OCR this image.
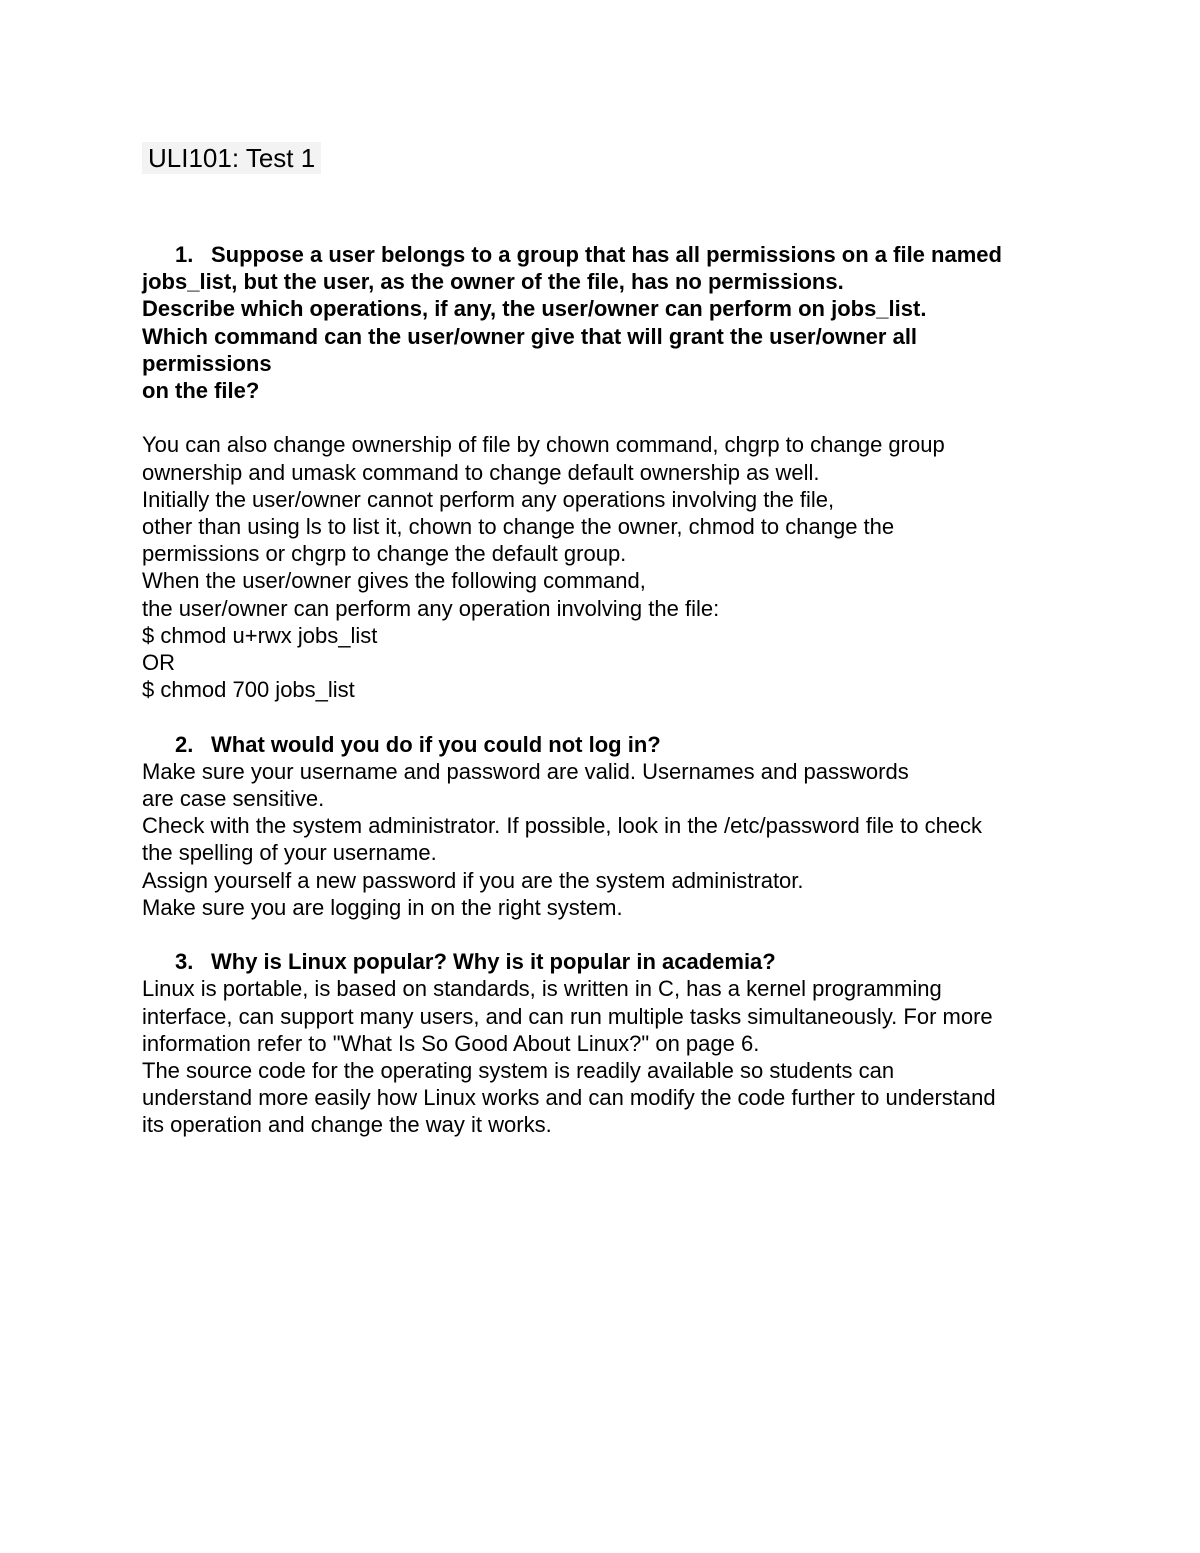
ULI101: Test 1

1. Suppose a user belongs to a group that has all permissions on a file named

jobs_list, but the user, as the owner of the file, has no permissions.

Describe which operations, if any, the user/owner can perform on jobs_list.

Which command can the user/owner give that will grant the user/owner all

permissions

on the file?

You can also change ownership of file by chown command, chgrp to change group

ownership and umask command to change default ownership as well.

Initially the user/owner cannot perform any operations involving the file,

other than using ls to list it, chown to change the owner, chmod to change the

permissions or chgrp to change the default group.

When the user/owner gives the following command,

the user/owner can perform any operation involving the file:

$ chmod u+rwx jobs_list

OR

$ chmod 700 jobs_list

2. What would you do if you could not log in?

Make sure your username and password are valid. Usernames and passwords

are case sensitive.

Check with the system administrator. If possible, look in the /etc/password file to check

the spelling of your username.

Assign yourself a new password if you are the system administrator.

Make sure you are logging in on the right system.

3. Why is Linux popular? Why is it popular in academia?

Linux is portable, is based on standards, is written in C, has a kernel programming

interface, can support many users, and can run multiple tasks simultaneously. For more

information refer to "What Is So Good About Linux?" on page 6.

The source code for the operating system is readily available so students can

understand more easily how Linux works and can modify the code further to understand

its operation and change the way it works.
